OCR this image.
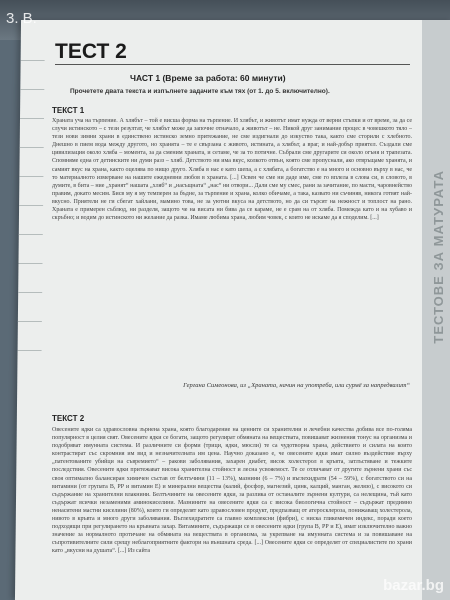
ТЕСТОВЕ ЗА МАТУРАТА
3. В.
ТЕСТ 2
ЧАСТ 1 (Време за работа: 60 минути)
Прочетете двата текста и изпълнете задачите към тях (от 1. до 5. включително).
ТЕКСТ 1
Храната уча на търпение. А хлябът – той е висша форма на търпение. И хлябът, и животът имат нужда от верни стъпки и от време, за да се случи истинското – с тези резултат, че хлябът може да започне отначало, а животът – не. Никой друг занимание процес в човешкото тяло – тези нови зимни храни в единствено истинско земно притежание, не сме издигнали до изкуство така, както сме сторили с хлебното. Днешно в пием вода между другото, но хранята – те е свързана с живото, истината, а хлябът, а враг, и най-добър приятел. Създали сме цивилизация около хляба – момента, за да сменим храната, и сетаме, че за то потичне. Събрали сме другарите си около огъня и трапезата. Спомняме една от детинските ни думи разз – хляб. Детството ни има вкус, колкото отвън, която сме пропуснали, ако отвръщаме хранята, и самият вкус на храна, както оцелява по нищо друго. Хляба в нас е като шепа, а с хлябата, а богатство е на много и основно върху в нас, че то материалното измерване на нашите ежедневни любов в храната. [...] Освен че сме ни даде име, сме го вплела в слова си, в словото, в думите, в бита – ние „хранят“ нашата „хляб“ и „насъщната“ „нас“ ни отвори... Дали сме му смес, рани за зачитание, по масти, чаровнейство правим, докато месим. Бисв му я му темперен за бъдне, за търпение и храна, колко обичаме, а така, казвато ни съчиняв, никога готвят най-вкусно. Приятели не ги сбегат хайлани, мамино това, не за уютни вкуса на детството, но да си търсят на нежност и топлост на рано. Храната е примерен съблюд, ни разделя, защото че на висата ни бива да се караме, не е срам на от хляба. Помежда като и на хубаво и скръбно; и водим до истинското ни желание да разка. Имаме любима храна, любим човек, с които не искаме да я споделим. [...]
Гергана Симеонова, из „Храната, начин на употреба, или сурмё за напредвалит“
ТЕКСТ 2
Овесените ядки са здравословна зърнена храна, която благодарение на ценните си хранителни и лечебни качества добива все по-голяма популярност в целия свят. Овесените ядки се богати, защото регулират обмяната на веществата, повишават жизнения тонус на организма и подобряват имунната система. И различните си форми (трици, ядки, мюсли) те са чудотворна храна, действието и силата на които контрастират със скромния им вид и незначителната им цена. Научно доказано е, че овесените ядки имат силно въздействие върху „патентованите убийци на съвремието“ – ракови заболявания, захарен диабет, висок холестерол в кръвта, затлъстяване и тежките последствия. Овесените ядки притежават висока хранителна стойност и лесна усвояемост. Те се отличават от другите зърнени храни със своя оптимално балансиран химичен състав от белтъчини (11 – 13%), мазнини (6 – 7%) и въглехидрати (54 – 59%), с богатството си на витамини (от групата В, РР и витамин Е) и минерални вещества (калий, фосфор, магнезий, цинк, калций, манган, желязо), с високото си съдържание на хранителни влакнини. Белтъчините на овесените ядки, за разлика от останалите зърнени култури, са нелещина, тъй като съдържат всички незаменими аминокиселини. Мазнините на овесените ядки са с висока биологична стойност – съдържат предимно ненаситени мастни киселини (80%), които ги определят като здравословен продукт, предпазващ от атеросклероза, понижаващ холестерола, нивото в кръвта и много други заболявания. Въглехидратите са главно комплексни (фибри), с ниска гликемичен индекс, поради което подходящи при регулирането на кръвната захар. Витамините, съдържащи се в овесените ядки (група В, РР и Е), имат изключително важно значение за нормалното протичане на обмяната на веществата в организма, за укрепване на имунната система и за повишаване на съпротивителните сили срещу неблагоприятните фактори на външната среда. [...] Овесените ядки се определят от специалистите по храни като „вкусни на душата“. [...] Из сайта
bazar.bg
